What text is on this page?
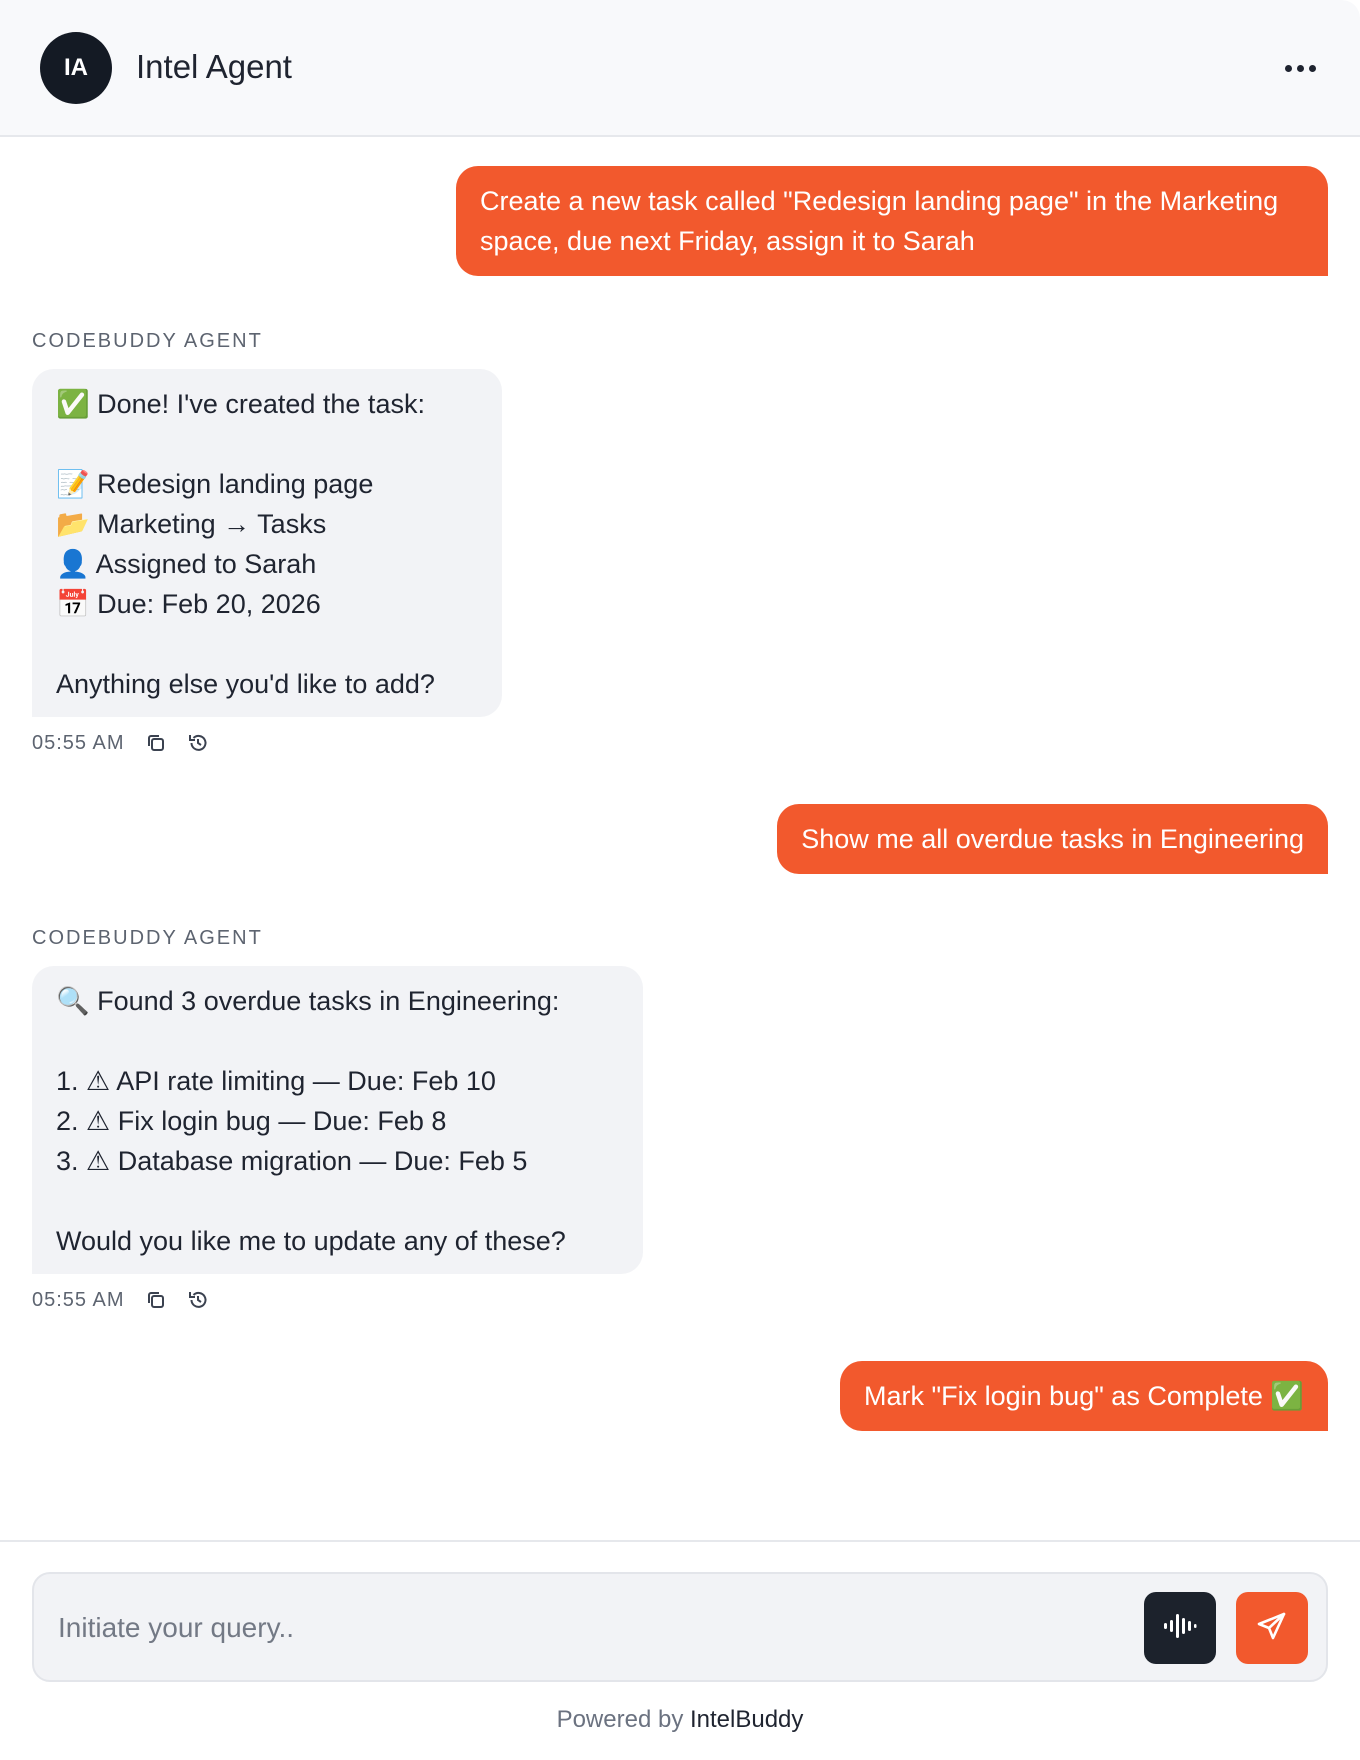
IA	Intel Agent
Create a new task called "Redesign landing page" in the Marketing space, due next Friday, assign it to Sarah
CODEBUDDY AGENT
✅ Done! I've created the task:
📝 Redesign landing page
📂 Marketing → Tasks
👤 Assigned to Sarah
📅 Due: Feb 20, 2026
Anything else you'd like to add?
05:55 AM
Show me all overdue tasks in Engineering
CODEBUDDY AGENT
🔍 Found 3 overdue tasks in Engineering:
1. ⚠ API rate limiting — Due: Feb 10
2. ⚠ Fix login bug — Due: Feb 8
3. ⚠ Database migration — Due: Feb 5
Would you like me to update any of these?
05:55 AM
Mark "Fix login bug" as Complete ✅
Initiate your query..
Powered by IntelBuddy
